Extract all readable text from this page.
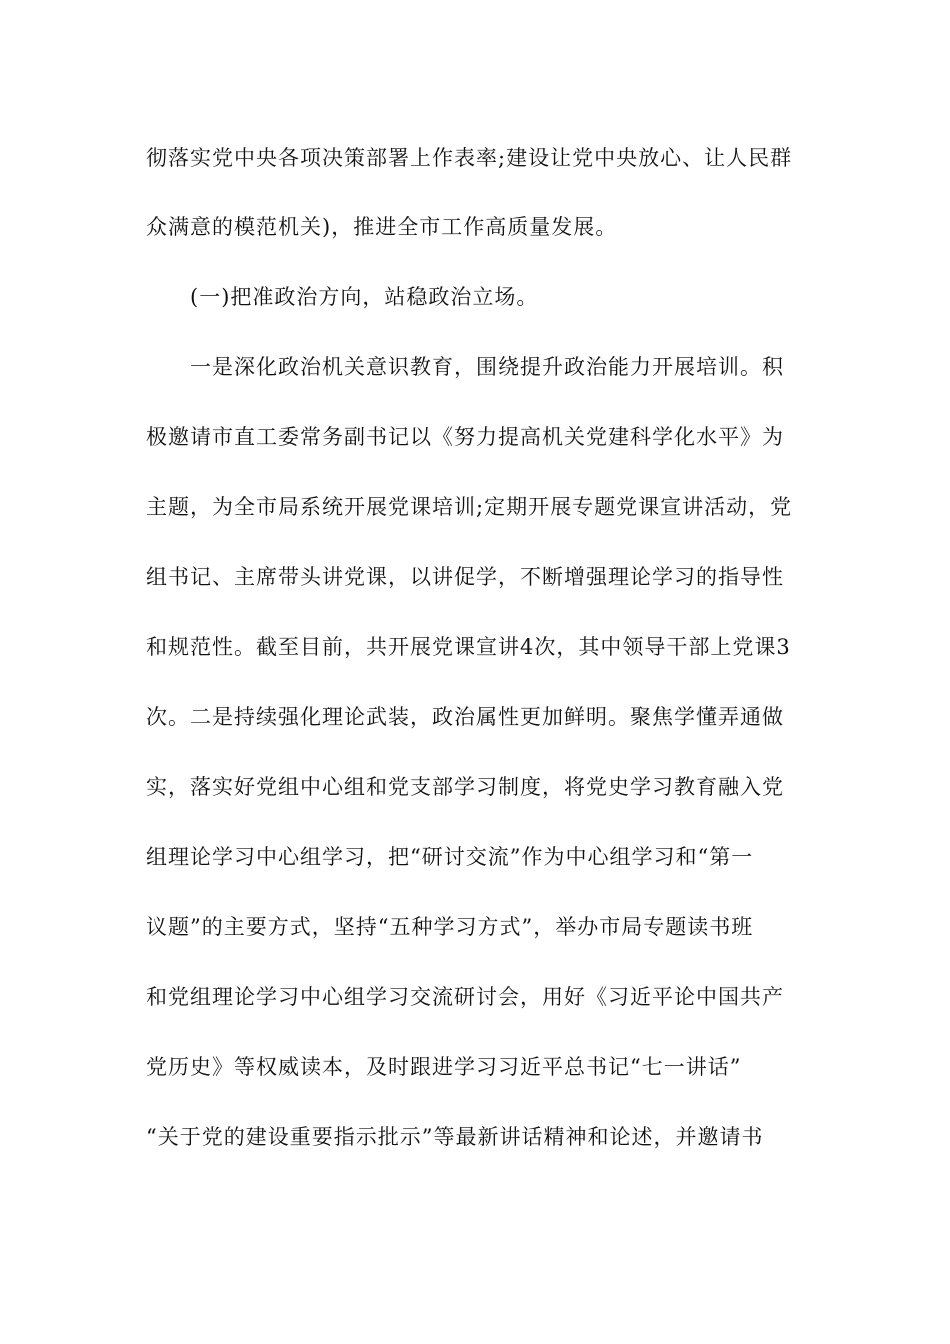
彻落实党中央各项决策部署上作表率;建设让党中央放心、让人民群
众满意的模范机关)，推进全市工作高质量发展。
(一)把准政治方向，站稳政治立场。
一是深化政治机关意识教育，围绕提升政治能力开展培训。积
极邀请市直工委常务副书记以《努力提高机关党建科学化水平》为
主题，为全市局系统开展党课培训;定期开展专题党课宣讲活动，党
组书记、主席带头讲党课，以讲促学，不断增强理论学习的指导性
和规范性。截至目前，共开展党课宣讲4次，其中领导干部上党课3
次。二是持续强化理论武装，政治属性更加鲜明。聚焦学懂弄通做
实，落实好党组中心组和党支部学习制度，将党史学习教育融入党
组理论学习中心组学习，把“研讨交流”作为中心组学习和“第一
议题”的主要方式，坚持“五种学习方式”，举办市局专题读书班
和党组理论学习中心组学习交流研讨会，用好《习近平论中国共产
党历史》等权威读本，及时跟进学习习近平总书记“七一讲话”
“关于党的建设重要指示批示”等最新讲话精神和论述，并邀请书
